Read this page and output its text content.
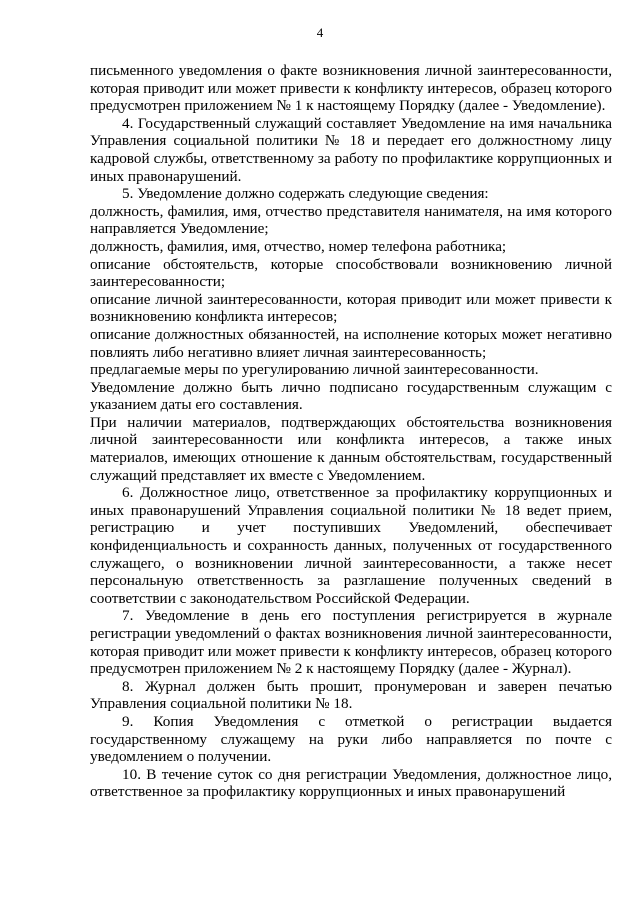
4

письменного уведомления о факте возникновения личной заинтересованности, которая приводит или может привести к конфликту интересов, образец которого предусмотрен приложением № 1 к настоящему Порядку (далее - Уведомление).

4. Государственный служащий составляет Уведомление на имя начальника Управления социальной политики № 18 и передает его должностному лицу кадровой службы, ответственному за работу по профилактике коррупционных и иных правонарушений.

5. Уведомление должно содержать следующие сведения:

должность, фамилия, имя, отчество представителя нанимателя, на имя которого направляется Уведомление;

должность, фамилия, имя, отчество, номер телефона работника;

описание обстоятельств, которые способствовали возникновению личной заинтересованности;

описание личной заинтересованности, которая приводит или может привести к возникновению конфликта интересов;

описание должностных обязанностей, на исполнение которых может негативно повлиять либо негативно влияет личная заинтересованность;

предлагаемые меры по урегулированию личной заинтересованности.

Уведомление должно быть лично подписано государственным служащим с указанием даты его составления.

При наличии материалов, подтверждающих обстоятельства возникновения личной заинтересованности или конфликта интересов, а также иных материалов, имеющих отношение к данным обстоятельствам, государственный служащий представляет их вместе с Уведомлением.

6. Должностное лицо, ответственное за профилактику коррупционных и иных правонарушений Управления социальной политики № 18 ведет прием, регистрацию и учет поступивших Уведомлений, обеспечивает конфиденциальность и сохранность данных, полученных от государственного служащего, о возникновении личной заинтересованности, а также несет персональную ответственность за разглашение полученных сведений в соответствии с законодательством Российской Федерации.

7. Уведомление в день его поступления регистрируется в журнале регистрации уведомлений о фактах возникновения личной заинтересованности, которая приводит или может привести к конфликту интересов, образец которого предусмотрен приложением № 2 к настоящему Порядку (далее - Журнал).

8. Журнал должен быть прошит, пронумерован и заверен печатью Управления социальной политики № 18.

9. Копия Уведомления с отметкой о регистрации выдается государственному служащему на руки либо направляется по почте с уведомлением о получении.

10. В течение суток со дня регистрации Уведомления, должностное лицо, ответственное за профилактику коррупционных и иных правонарушений
